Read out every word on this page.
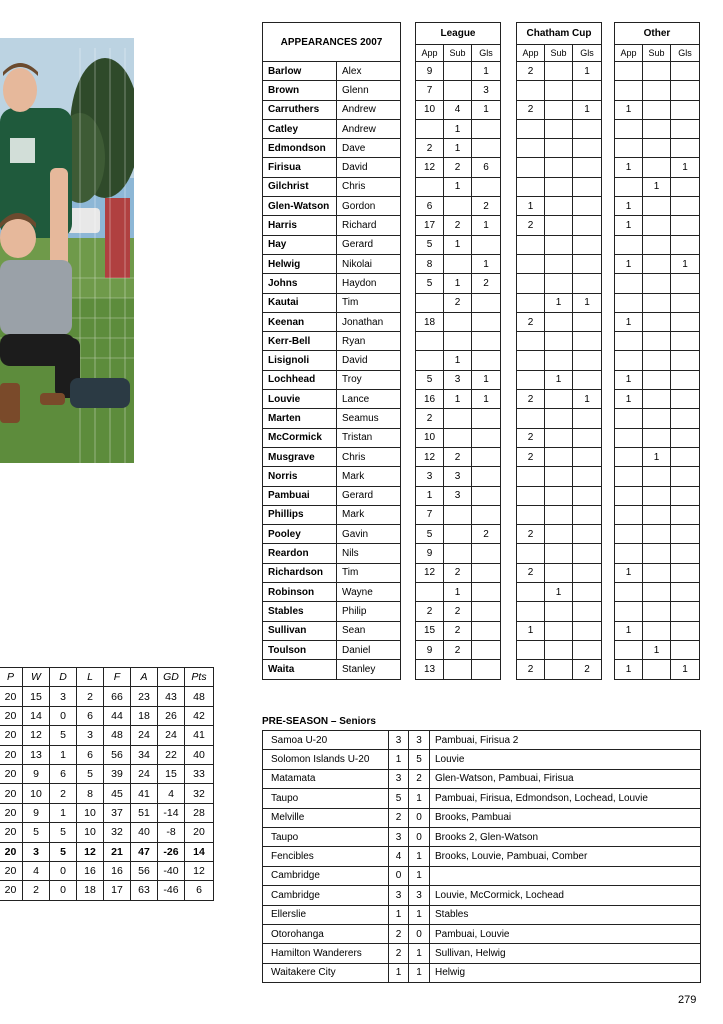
APPEARANCES 2007			League				Chatham Cup				Other		
			App	Sub	Gls		App	Sub	Gls		App	Sub	Gls
Barlow	Alex		9		1		2		1				
Brown	Glenn		7		3								
Carruthers	Andrew		10	4	1		2		1		1		
Catley	Andrew			1									
Edmondson	Dave		2	1									
Firisua	David		12	2	6						1		1
Gilchrist	Chris			1								1	
Glen-Watson	Gordon		6		2		1				1		
Harris	Richard		17	2	1		2				1		
Hay	Gerard		5	1									
Helwig	Nikolai		8		1						1		1
Johns	Haydon		5	1	2								
Kautai	Tim			2				1	1				
Keenan	Jonathan		18				2				1		
Kerr-Bell	Ryan												
Lisignoli	David			1									
Lochhead	Troy		5	3	1			1			1		
Louvie	Lance		16	1	1		2		1		1		
Marten	Seamus		2										
McCormick	Tristan		10				2						
Musgrave	Chris		12	2			2					1	
Norris	Mark		3	3									
Pambuai	Gerard		1	3									
Phillips	Mark		7										
Pooley	Gavin		5		2		2						
Reardon	Nils		9										
Richardson	Tim		12	2			2				1		
Robinson	Wayne			1				1					
Stables	Philip		2	2									
Sullivan	Sean		15	2			1				1		
Toulson	Daniel		9	2								1	
Waita	Stanley		13				2		2		1		1
P	W	D	L	F	A	GD	Pts
20	15	3	2	66	23	43	48
20	14	0	6	44	18	26	42
20	12	5	3	48	24	24	41
20	13	1	6	56	34	22	40
20	9	6	5	39	24	15	33
20	10	2	8	45	41	4	32
20	9	1	10	37	51	-14	28
20	5	5	10	32	40	-8	20
20	3	5	12	21	47	-26	14
20	4	0	16	16	56	-40	12
20	2	0	18	17	63	-46	6
PRE-SEASON – Seniors
Samoa U-20	3	3	Pambuai, Firisua 2
Solomon Islands U-20	1	5	Louvie
Matamata	3	2	Glen-Watson, Pambuai, Firisua
Taupo	5	1	Pambuai, Firisua, Edmondson, Lochead, Louvie
Melville	2	0	Brooks, Pambuai
Taupo	3	0	Brooks 2, Glen-Watson
Fencibles	4	1	Brooks, Louvie, Pambuai, Comber
Cambridge	0	1	
Cambridge	3	3	Louvie, McCormick, Lochead
Ellerslie	1	1	Stables
Otorohanga	2	0	Pambuai, Louvie
Hamilton Wanderers	2	1	Sullivan, Helwig
Waitakere City	1	1	Helwig
279
